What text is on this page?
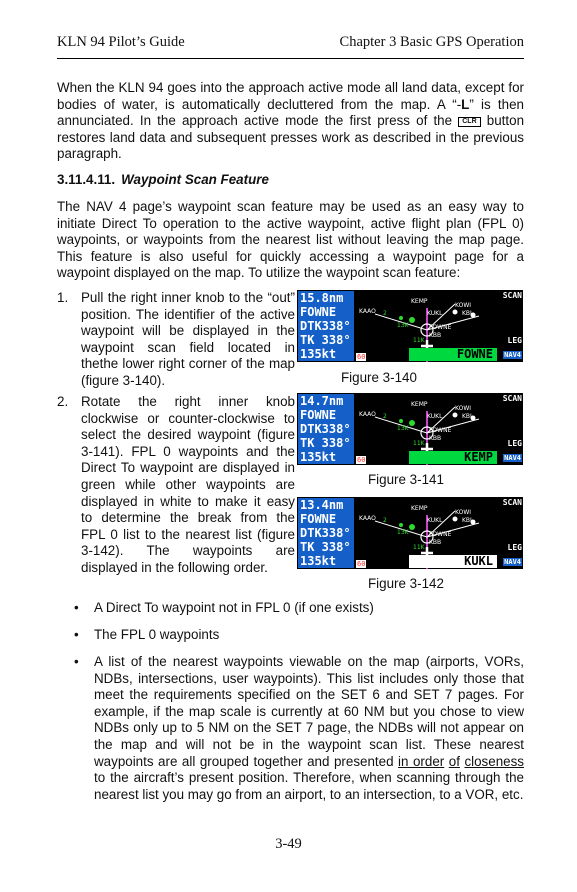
KLN 94 Pilot’s Guide	Chapter 3 Basic GPS Operation
When the KLN 94 goes into the approach active mode all land data, except for bodies of water, is automatically decluttered from the map. A “-L” is then annunciated. In the approach active mode the first press of the CLR button restores land data and subsequent presses work as described in the previous paragraph.
3.11.4.11. Waypoint Scan Feature
The NAV 4 page’s waypoint scan feature may be used as an easy way to initiate Direct To operation to the active waypoint, active flight plan (FPL 0) waypoints, or waypoints from the nearest list without leaving the map page. This feature is also useful for quickly accessing a waypoint page for a waypoint displayed on the map. To utilize the waypoint scan feature:
1. Pull the right inner knob to the “out” position. The identifier of the active waypoint will be displayed in the waypoint scan field located in thethe lower right corner of the map (figure 3-140).
2. Rotate the right inner knob clockwise or counter-clockwise to select the desired waypoint (figure 3-141). FPL 0 waypoints and the Direct To waypoint are displayed in green while other waypoints are displayed in white to make it easy to determine the break from the FPL 0 list to the nearest list (figure 3-142). The waypoints are displayed in the following order.
15.8nm
FOWNE
DTK338°
TK 338°
135kt
KAAO
KEMP
KUKL
KOWI
KBI
FOWNE
KBB
13K
11K
2
SCAN
LEG
NAV4
60	FOWNE
Figure 3-140
14.7nm
FOWNE
DTK338°
TK 338°
135kt
KAAO
KEMP
KUKL
KOWI
KBI
FOWNE
KBB
13K
11K
2
SCAN
LEG
NAV4
60	KEMP
Figure 3-141
13.4nm
FOWNE
DTK338°
TK 338°
135kt
KAAO
KEMP
KUKL
KOWI
KBI
FOWNE
KBB
13K
11K
2
SCAN
LEG
NAV4
60	KUKL
Figure 3-142
• A Direct To waypoint not in FPL 0 (if one exists)
• The FPL 0 waypoints
• A list of the nearest waypoints viewable on the map (airports, VORs, NDBs, intersections, user waypoints). This list includes only those that meet the requirements specified on the SET 6 and SET 7 pages. For example, if the map scale is currently at 60 NM but you chose to view NDBs only up to 5 NM on the SET 7 page, the NDBs will not appear on the map and will not be in the waypoint scan list. These nearest waypoints are all grouped together and presented in order of closeness to the aircraft’s present position. Therefore, when scanning through the nearest list you may go from an airport, to an intersection, to a VOR, etc.
3-49
